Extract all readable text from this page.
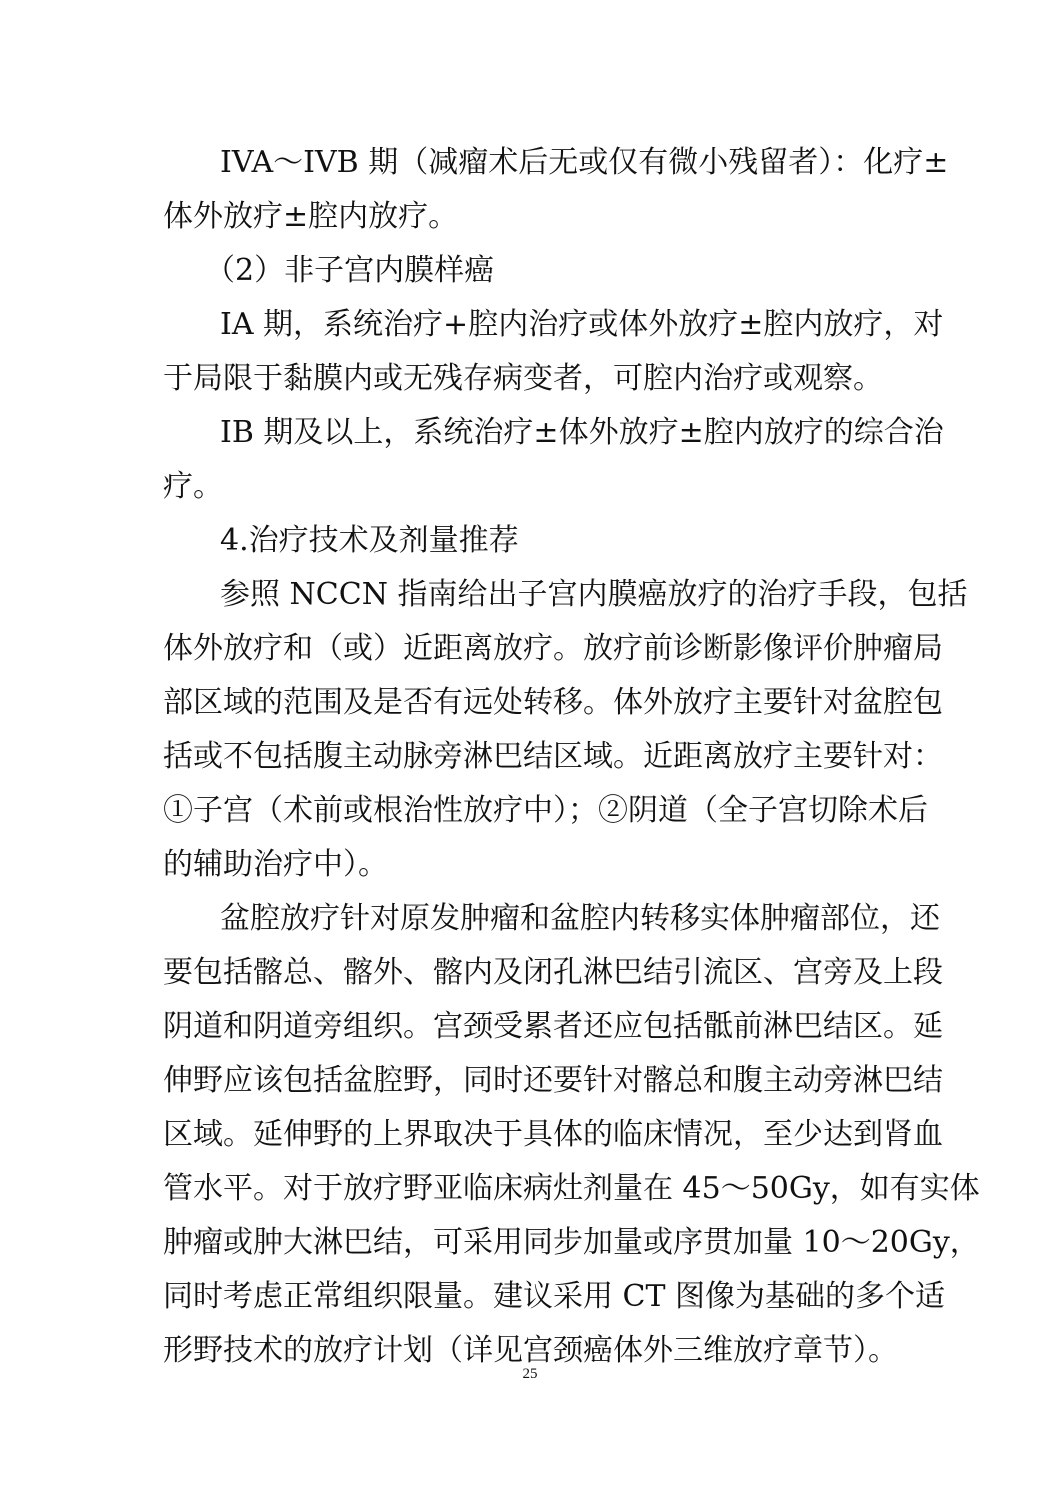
IVA～IVB 期（减瘤术后无或仅有微小残留者）：化疗±
体外放疗±腔内放疗。
（2）非子宫内膜样癌
IA 期，系统治疗+腔内治疗或体外放疗±腔内放疗，对
于局限于黏膜内或无残存病变者，可腔内治疗或观察。
IB 期及以上，系统治疗±体外放疗±腔内放疗的综合治
疗。
4.治疗技术及剂量推荐
参照 NCCN 指南给出子宫内膜癌放疗的治疗手段，包括
体外放疗和（或）近距离放疗。放疗前诊断影像评价肿瘤局
部区域的范围及是否有远处转移。体外放疗主要针对盆腔包
括或不包括腹主动脉旁淋巴结区域。近距离放疗主要针对：
①子宫（术前或根治性放疗中）；②阴道（全子宫切除术后
的辅助治疗中）。
盆腔放疗针对原发肿瘤和盆腔内转移实体肿瘤部位，还
要包括髂总、髂外、髂内及闭孔淋巴结引流区、宫旁及上段
阴道和阴道旁组织。宫颈受累者还应包括骶前淋巴结区。延
伸野应该包括盆腔野，同时还要针对髂总和腹主动旁淋巴结
区域。延伸野的上界取决于具体的临床情况，至少达到肾血
管水平。对于放疗野亚临床病灶剂量在 45～50Gy，如有实体
肿瘤或肿大淋巴结，可采用同步加量或序贯加量 10～20Gy，
同时考虑正常组织限量。建议采用 CT 图像为基础的多个适
形野技术的放疗计划（详见宫颈癌体外三维放疗章节）。
25
